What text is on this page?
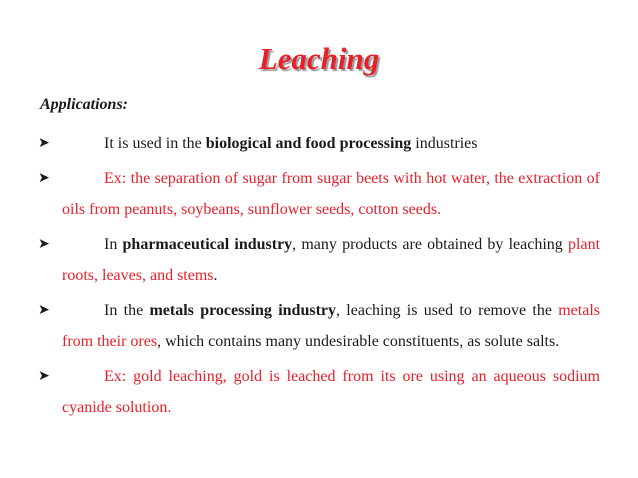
Leaching
Applications:
➤	It is used in the biological and food processing industries
➤	Ex: the separation of sugar from sugar beets with hot water, the extraction of oils from peanuts, soybeans, sunflower seeds, cotton seeds.
➤	In pharmaceutical industry, many products are obtained by leaching plant roots, leaves, and stems.
➤	In the metals processing industry, leaching is used to remove the metals from their ores, which contains many undesirable constituents, as solute salts.
➤	Ex: gold leaching, gold is leached from its ore using an aqueous sodium cyanide solution.
